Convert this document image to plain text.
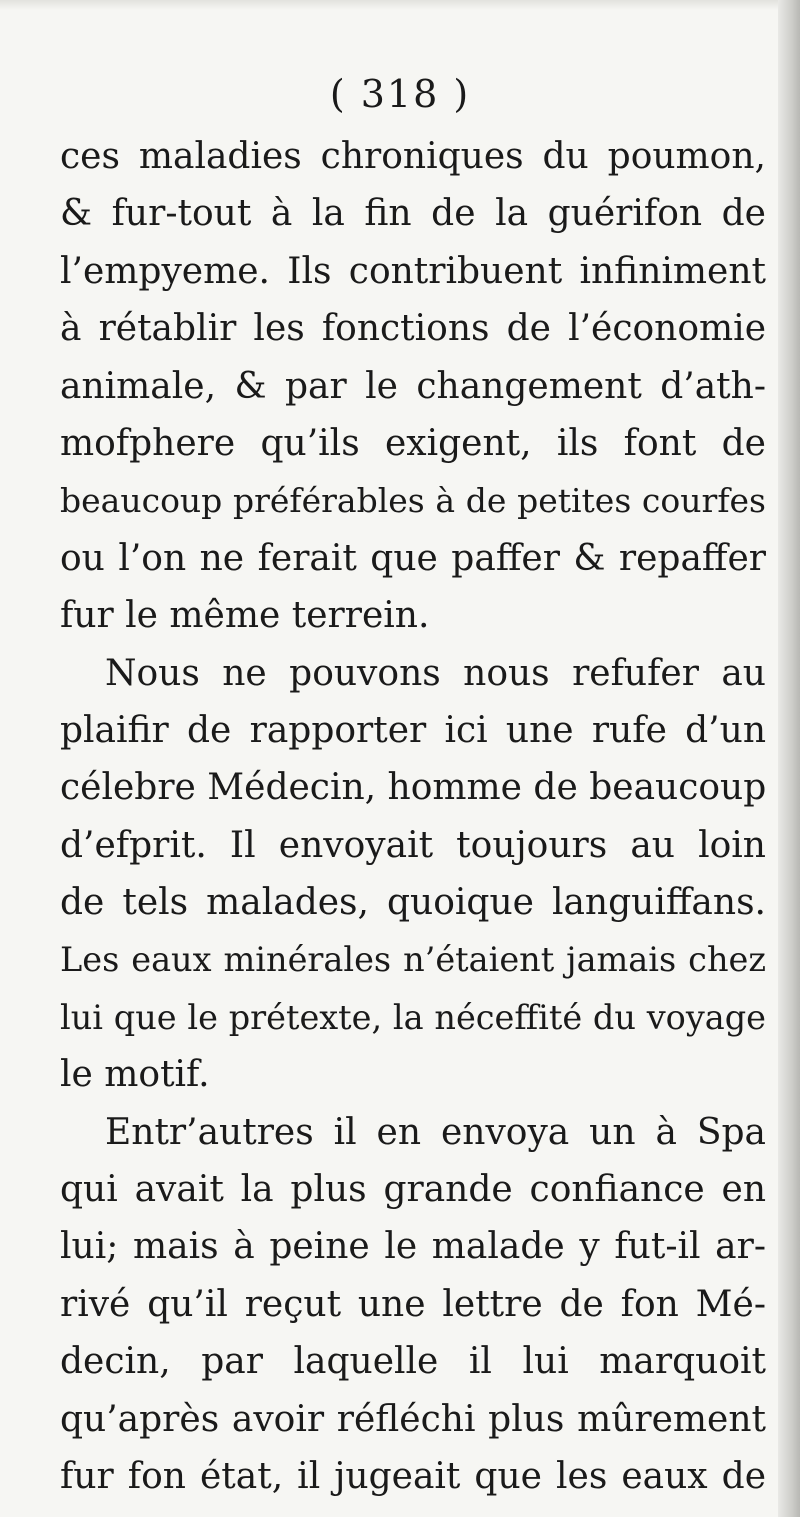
( 318 )

ces maladies chroniques du poumon,
& fur-tout à la fin de la guérifon de
l’empyeme. Ils contribuent infiniment
à rétablir les fonctions de l’économie
animale, & par le changement d’ath-
mofphere qu’ils exigent, ils font de
beaucoup préférables à de petites courfes
ou l’on ne ferait que paffer & repaffer
fur le même terrein.
Nous ne pouvons nous refufer au
plaifir de rapporter ici une rufe d’un
célebre Médecin, homme de beaucoup
d’efprit. Il envoyait toujours au loin
de tels malades, quoique languiffans.
Les eaux minérales n’étaient jamais chez
lui que le prétexte, la néceffité du voyage
le motif.
Entr’autres il en envoya un à Spa
qui avait la plus grande confiance en
lui; mais à peine le malade y fut-il ar-
rivé qu’il reçut une lettre de fon Mé-
decin, par laquelle il lui marquoit
qu’après avoir réfléchi plus mûrement
fur fon état, il jugeait que les eaux de
